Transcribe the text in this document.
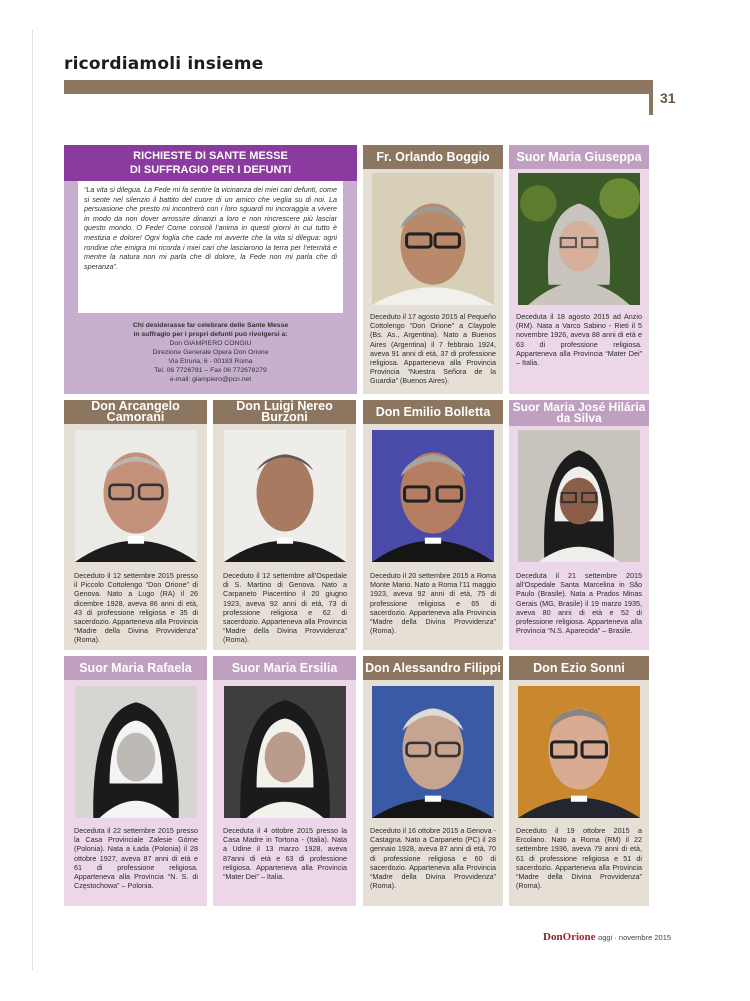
ricordiamoli insieme
31
RICHIESTE DI SANTE MESSE
DI SUFFRAGIO PER I DEFUNTI
“La vita si dilegua. La Fede mi fa sentire la vicinanza dei miei cari defunti, come si sente nel silenzio il battito del cuore di un amico che veglia su di noi. La persuasione che presto mi incontrerò con i loro sguardi mi incoraggia a vivere in modo da non dover arrossire dinanzi a loro e non rincrescere più lasciar questo mondo. O Fede! Come consoli l’anima in questi giorni in cui tutto è mestizia e dolore! Ogni foglia che cade mi avverte che la vita si dilegua: ogni rondine che emigra mi ricorda i miei cari che lasciarono la terra per l’eternità e mentre la natura non mi parla che di dolore, la Fede non mi parla che di speranza”.
Chi desiderasse far celebrare delle Sante Messe
in suffragio per i propri defunti può rivolgersi a:
Don GIAMPIERO CONGIU
Direzione Generale Opera Don Orione
Via Etruria, 6 - 00183 Roma
Tel. 06 7726781 – Fax 06 772678279
e-mail: giampiero@pcn.net
Fr. Orlando Boggio
Deceduto il 17 agosto 2015 al Pequeño Cottolengo “Don Orione” a Claypole (Bs. As., Argentina). Nato a Buenos Aires (Argentina) il 7 febbraio 1924, aveva 91 anni di età, 37 di professione religiosa. Apparteneva alla Provincia Provincia “Nuestra Señora de la Guardia” (Buenos Aires).
Suor Maria Giuseppa
Deceduta il 18 agosto 2015 ad Anzio (RM). Nata a Varco Sabino - Rieti il 5 novembre 1926, aveva 88 anni di età e 63 di professione religiosa. Apparteneva alla Provincia “Mater Dei” – Italia.
Don Arcangelo Camorani
Deceduto il 12 settembre 2015 presso il Piccolo Cottolengo “Don Orione” di Genova. Nato a Lugo (RA) il 26 dicembre 1928, aveva 86 anni di età, 43 di professione religiosa e 35 di sacerdozio. Apparteneva alla Provincia “Madre della Divina Provvidenza” (Roma).
Don Luigi Nereo Burzoni
Deceduto il 12 settembre all’Ospedale di S. Martino di Genova. Nato a Carpaneto Piacentino il 20 giugno 1923, aveva 92 anni di età, 73 di professione religiosa e 62 di sacerdozio. Apparteneva alla Provincia “Madre della Divina Provvidenza” (Roma).
Don Emilio Bolletta
Deceduto il 20 settembre 2015 a Roma Monte Mario. Nato a Roma l’11 maggio 1923, aveva 92 anni di età, 75 di professione religiosa e 65 di sacerdozio. Apparteneva alla Provincia “Madre della Divina Provvidenza” (Roma).
Suor Maria José Hilária da Silva
Deceduta il 21 settembre 2015 all’Ospedale Santa Marcelina in São Paulo (Brasile). Nata a Prados Minas Gerais (MG, Brasile) il 19 marzo 1935, aveva 80 anni di età e 52 di professione religiosa. Apparteneva alla Provincia “N.S. Aparecida” – Brasile.
Suor Maria Rafaela
Deceduta il 22 settembre 2015 presso la Casa Provinciale Zalesie Górne (Polonia). Nata a Łada (Polonia) il 28 ottobre 1927, aveva 87 anni di età e 61 di professione religiosa. Apparteneva alla Provincia “N. S. di Częstochowa” – Polonia.
Suor Maria Ersilia
Deceduta il 4 ottobre 2015 presso la Casa Madre in Tortona - (Italia). Nata a Udine il 13 marzo 1928, aveva 87anni di età e 63 di professione religiosa. Apparteneva alla Provincia “Mater Dei” – Italia.
Don Alessandro Filippi
Deceduto il 16 ottobre 2015 a Genova - Castagna. Nato a Carpaneto (PC) il 28 gennaio 1928, aveva 87 anni di età, 70 di professione religiosa e 60 di sacerdozio. Apparteneva alla Provincia “Madre della Divina Provvidenza” (Roma).
Don Ezio Sonni
Deceduto il 19 ottobre 2015 a Ercolano. Nato a Roma (RM) il 22 settembre 1936, aveva 79 anni di età, 61 di professione religiosa e 51 di sacerdozio. Apparteneva alla Provincia “Madre della Divina Provvidenza” (Roma).
DonOrione oggi · novembre 2015
